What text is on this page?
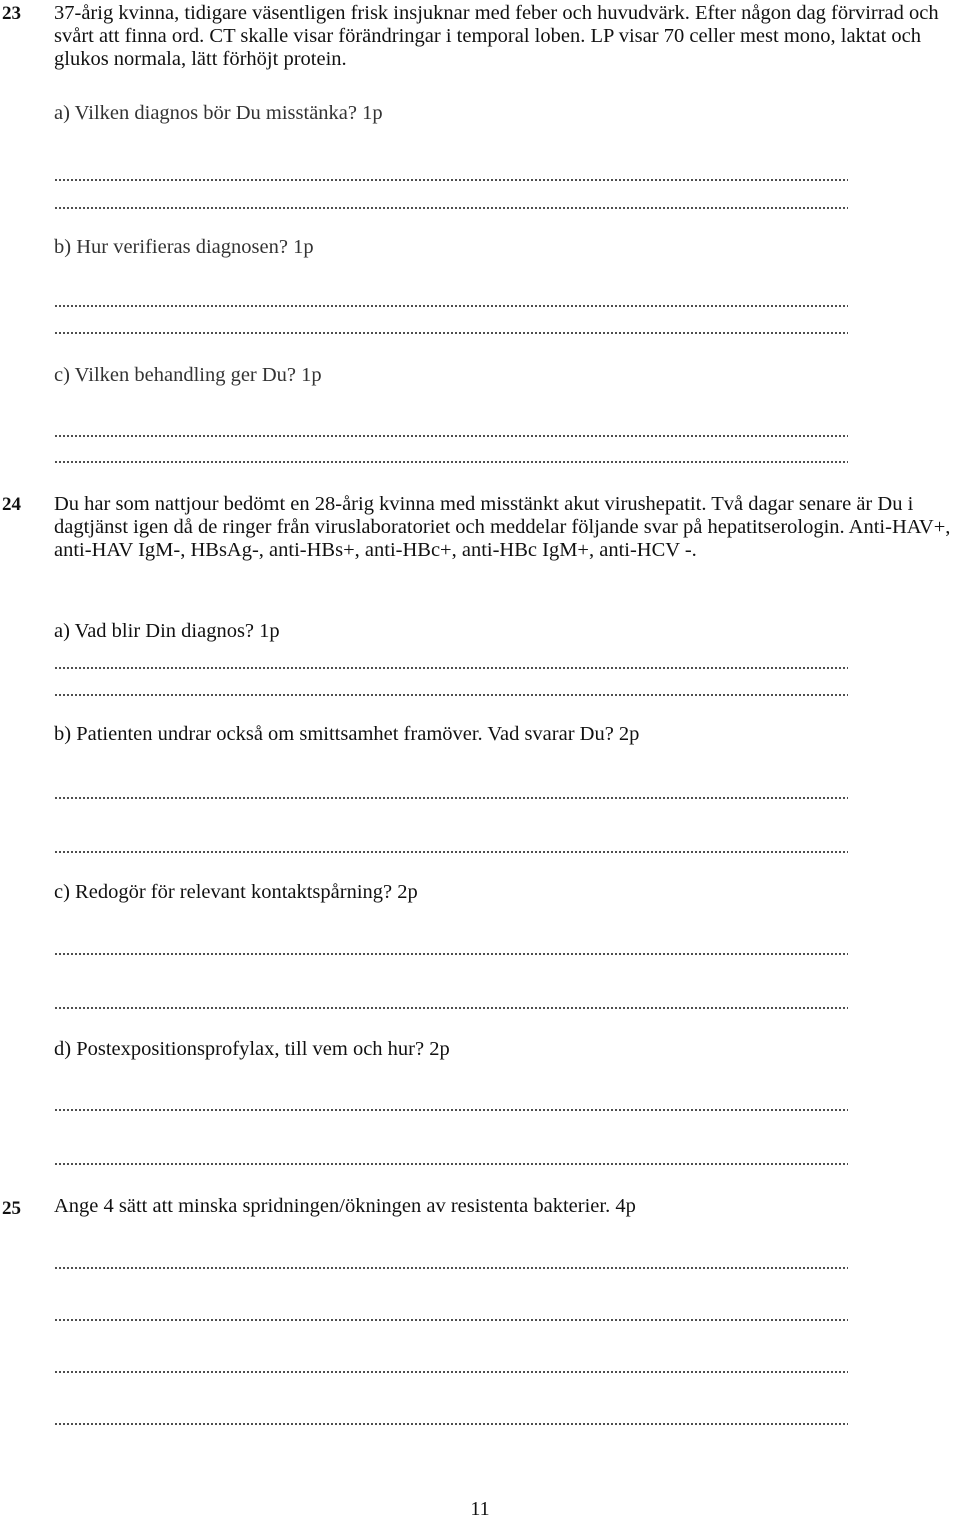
23 37-årig kvinna, tidigare väsentligen frisk insjuknar med feber och huvudvärk. Efter någon dag förvirrad och svårt att finna ord. CT skalle visar förändringar i temporal loben. LP visar 70 celler mest mono, laktat och glukos normala, lätt förhöjt protein.
a) Vilken diagnos bör Du misstänka? 1p
b) Hur verifieras diagnosen? 1p
c) Vilken behandling ger Du? 1p
24 Du har som nattjour bedömt en 28-årig kvinna med misstänkt akut virushepatit. Två dagar senare är Du i dagtjänst igen då de ringer från viruslaboratoriet och meddelar följande svar på hepatitserologin. Anti-HAV+, anti-HAV IgM-, HBsAg-, anti-HBs+, anti-HBc+, anti-HBc IgM+, anti-HCV -.
a) Vad blir Din diagnos? 1p
b) Patienten undrar också om smittsamhet framöver. Vad svarar Du? 2p
c) Redogör för relevant kontaktspårning? 2p
d) Postexpositionsprofylax, till vem och hur? 2p
25 Ange 4 sätt att minska spridningen/ökningen av resistenta bakterier. 4p
11
